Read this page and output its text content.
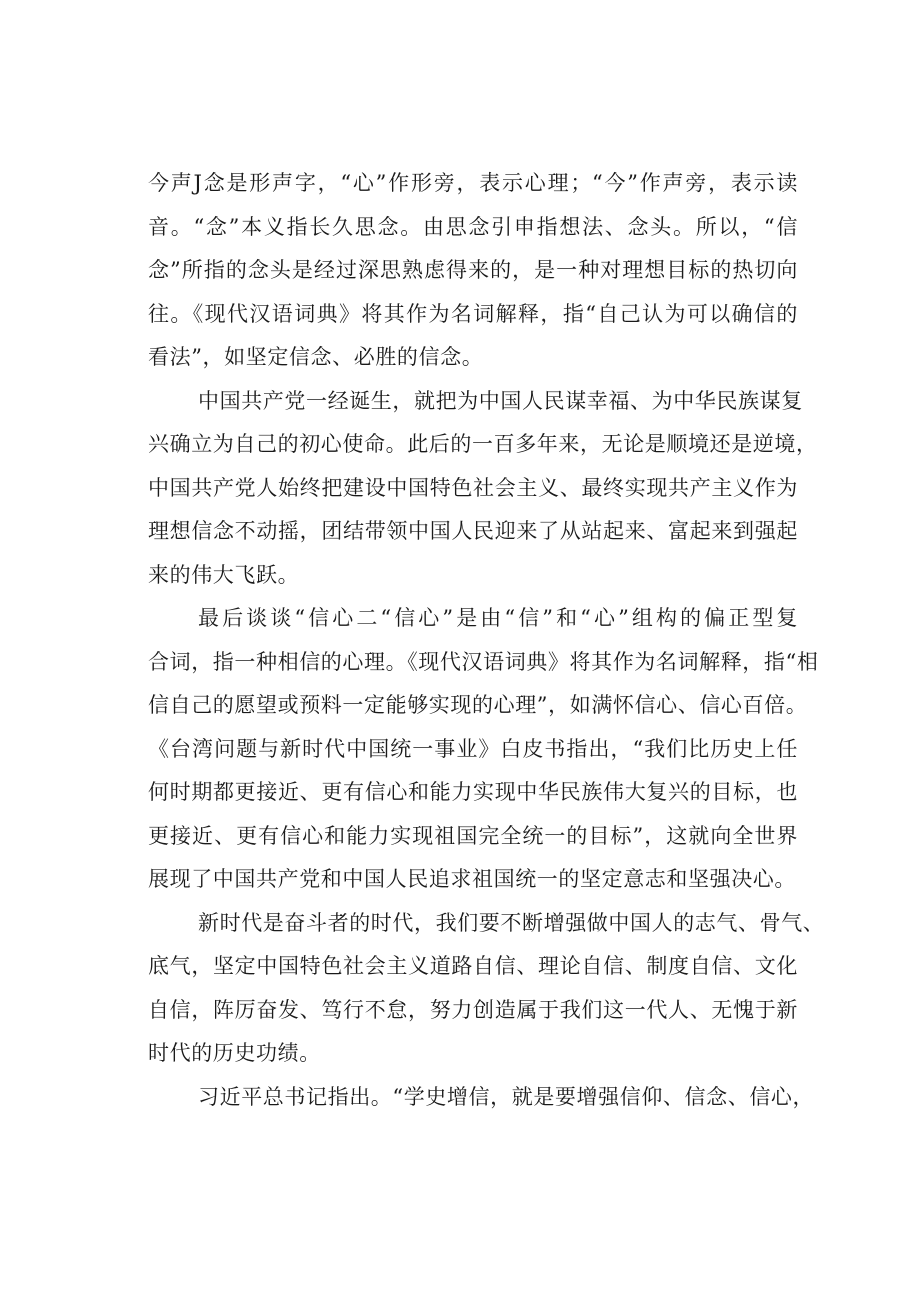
今声J念是形声字，“心”作形旁，表示心理；“今”作声旁，表示读
音。“念”本义指长久思念。由思念引申指想法、念头。所以，“信
念”所指的念头是经过深思熟虑得来的，是一种对理想目标的热切向
往。《现代汉语词典》将其作为名词解释，指“自己认为可以确信的
看法”，如坚定信念、必胜的信念。
中国共产党一经诞生，就把为中国人民谋幸福、为中华民族谋复
兴确立为自己的初心使命。此后的一百多年来，无论是顺境还是逆境，
中国共产党人始终把建设中国特色社会主义、最终实现共产主义作为
理想信念不动摇，团结带领中国人民迎来了从站起来、富起来到强起
来的伟大飞跃。
最后谈谈“信心二“信心”是由“信”和“心”组构的偏正型复
合词，指一种相信的心理。《现代汉语词典》将其作为名词解释，指“相
信自己的愿望或预料一定能够实现的心理”，如满怀信心、信心百倍。
《台湾问题与新时代中国统一事业》白皮书指出，“我们比历史上任
何时期都更接近、更有信心和能力实现中华民族伟大复兴的目标，也
更接近、更有信心和能力实现祖国完全统一的目标”，这就向全世界
展现了中国共产党和中国人民追求祖国统一的坚定意志和坚强决心。
新时代是奋斗者的时代，我们要不断增强做中国人的志气、骨气、
底气，坚定中国特色社会主义道路自信、理论自信、制度自信、文化
自信，阵厉奋发、笃行不怠，努力创造属于我们这一代人、无愧于新
时代的历史功绩。
习近平总书记指出。“学史增信，就是要增强信仰、信念、信心，
